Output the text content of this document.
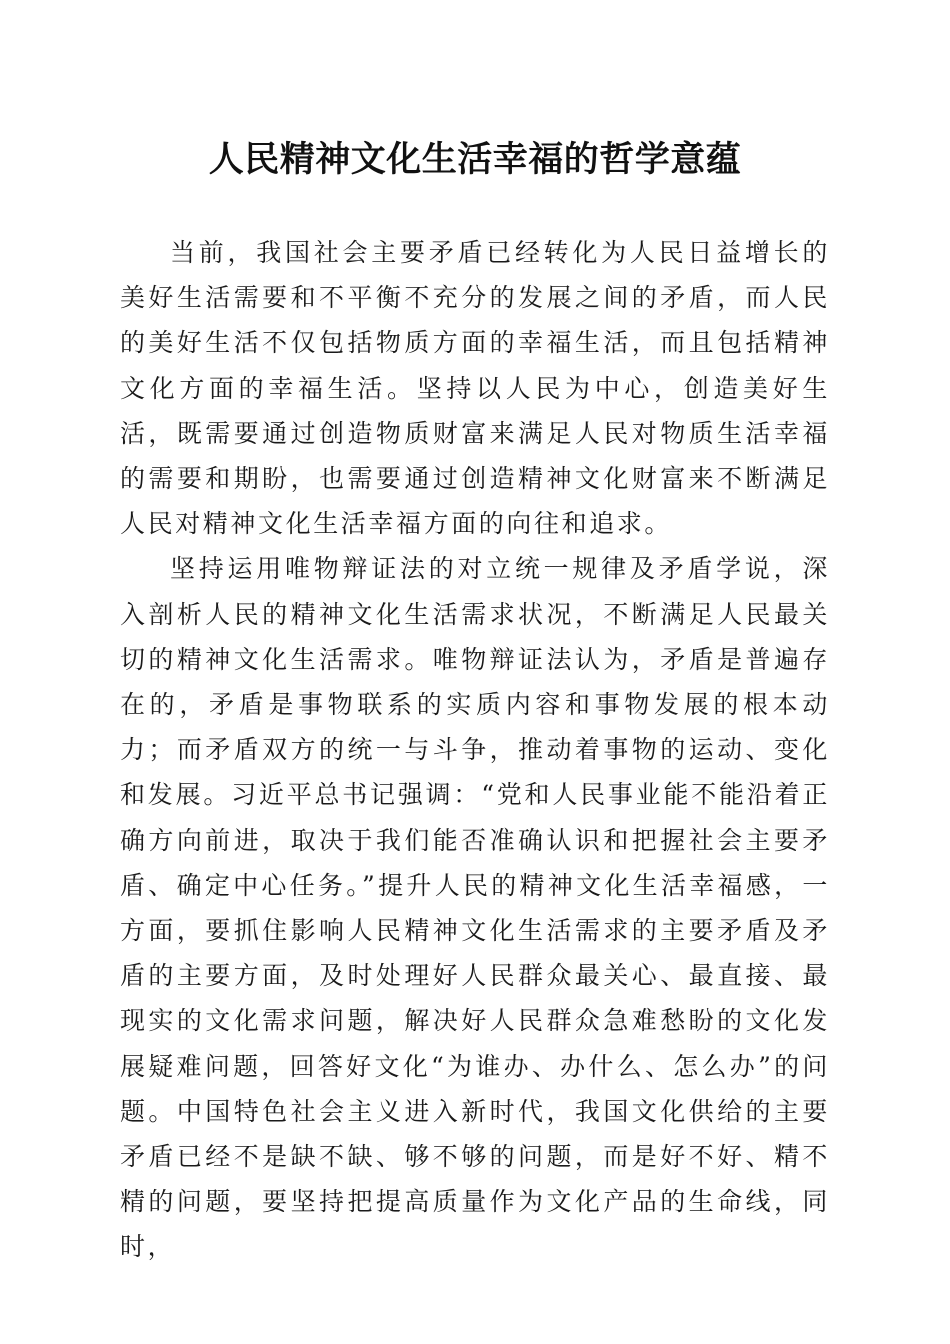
人民精神文化生活幸福的哲学意蕴

当前，我国社会主要矛盾已经转化为人民日益增长的美好生活需要和不平衡不充分的发展之间的矛盾，而人民的美好生活不仅包括物质方面的幸福生活，而且包括精神文化方面的幸福生活。坚持以人民为中心，创造美好生活，既需要通过创造物质财富来满足人民对物质生活幸福的需要和期盼，也需要通过创造精神文化财富来不断满足人民对精神文化生活幸福方面的向往和追求。

坚持运用唯物辩证法的对立统一规律及矛盾学说，深入剖析人民的精神文化生活需求状况，不断满足人民最关切的精神文化生活需求。唯物辩证法认为，矛盾是普遍存在的，矛盾是事物联系的实质内容和事物发展的根本动力；而矛盾双方的统一与斗争，推动着事物的运动、变化和发展。习近平总书记强调：“党和人民事业能不能沿着正确方向前进，取决于我们能否准确认识和把握社会主要矛盾、确定中心任务。”提升人民的精神文化生活幸福感，一方面，要抓住影响人民精神文化生活需求的主要矛盾及矛盾的主要方面，及时处理好人民群众最关心、最直接、最现实的文化需求问题，解决好人民群众急难愁盼的文化发展疑难问题，回答好文化“为谁办、办什么、怎么办”的问题。中国特色社会主义进入新时代，我国文化供给的主要矛盾已经不是缺不缺、够不够的问题，而是好不好、精不精的问题，要坚持把提高质量作为文化产品的生命线，同时，
